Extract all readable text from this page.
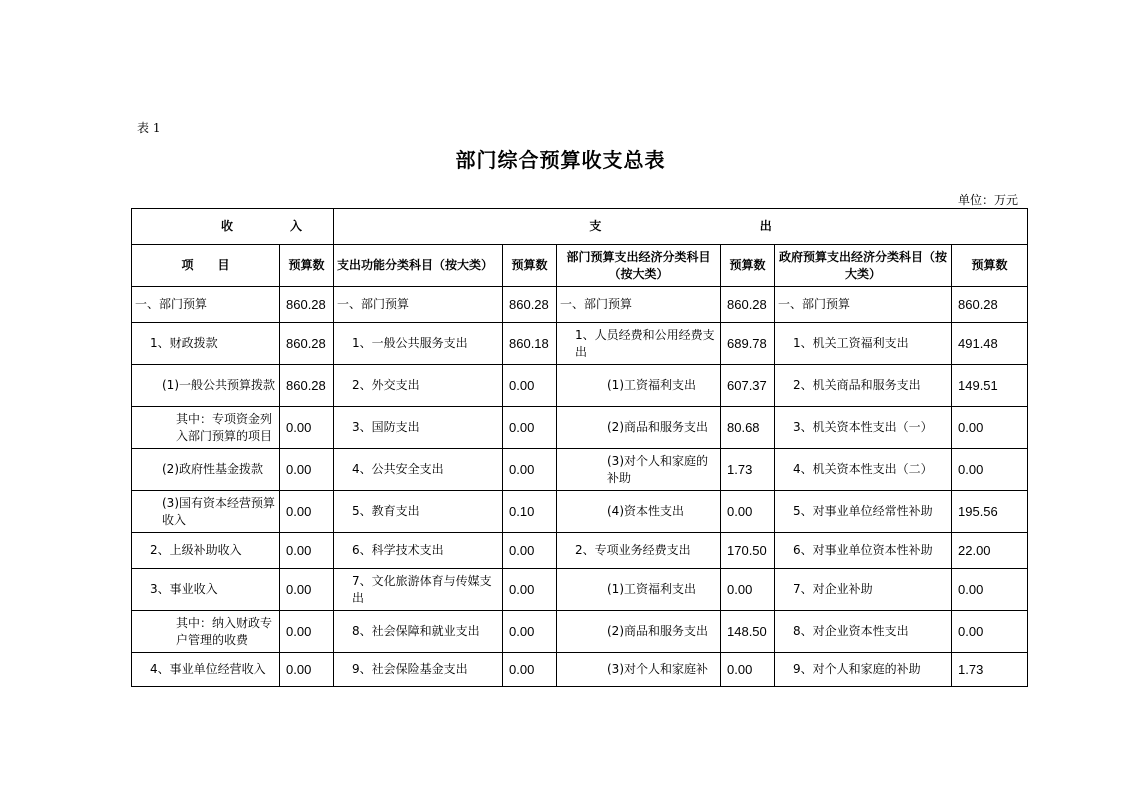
表 1
部门综合预算收支总表
单位：万元
收 入		支 出					
项　　目	预算数	支出功能分类科目（按大类）	预算数	部门预算支出经济分类科目（按大类）	预算数	政府预算支出经济分类科目（按大类）	预算数
一、部门预算	860.28	一、部门预算	860.28	一、部门预算	860.28	一、部门预算	860.28
1、财政拨款	860.28	1、一般公共服务支出	860.18	1、人员经费和公用经费支出	689.78	1、机关工资福利支出	491.48
(1)一般公共预算拨款	860.28	2、外交支出	0.00	(1)工资福利支出	607.37	2、机关商品和服务支出	149.51
其中：专项资金列入部门预算的项目	0.00	3、国防支出	0.00	(2)商品和服务支出	80.68	3、机关资本性支出（一）	0.00
(2)政府性基金拨款	0.00	4、公共安全支出	0.00	(3)对个人和家庭的补助	1.73	4、机关资本性支出（二）	0.00
(3)国有资本经营预算收入	0.00	5、教育支出	0.10	(4)资本性支出	0.00	5、对事业单位经常性补助	195.56
2、上级补助收入	0.00	6、科学技术支出	0.00	2、专项业务经费支出	170.50	6、对事业单位资本性补助	22.00
3、事业收入	0.00	7、文化旅游体育与传媒支出	0.00	(1)工资福利支出	0.00	7、对企业补助	0.00
其中：纳入财政专户管理的收费	0.00	8、社会保障和就业支出	0.00	(2)商品和服务支出	148.50	8、对企业资本性支出	0.00
4、事业单位经营收入	0.00	9、社会保险基金支出	0.00	(3)对个人和家庭补	0.00	9、对个人和家庭的补助	1.73
